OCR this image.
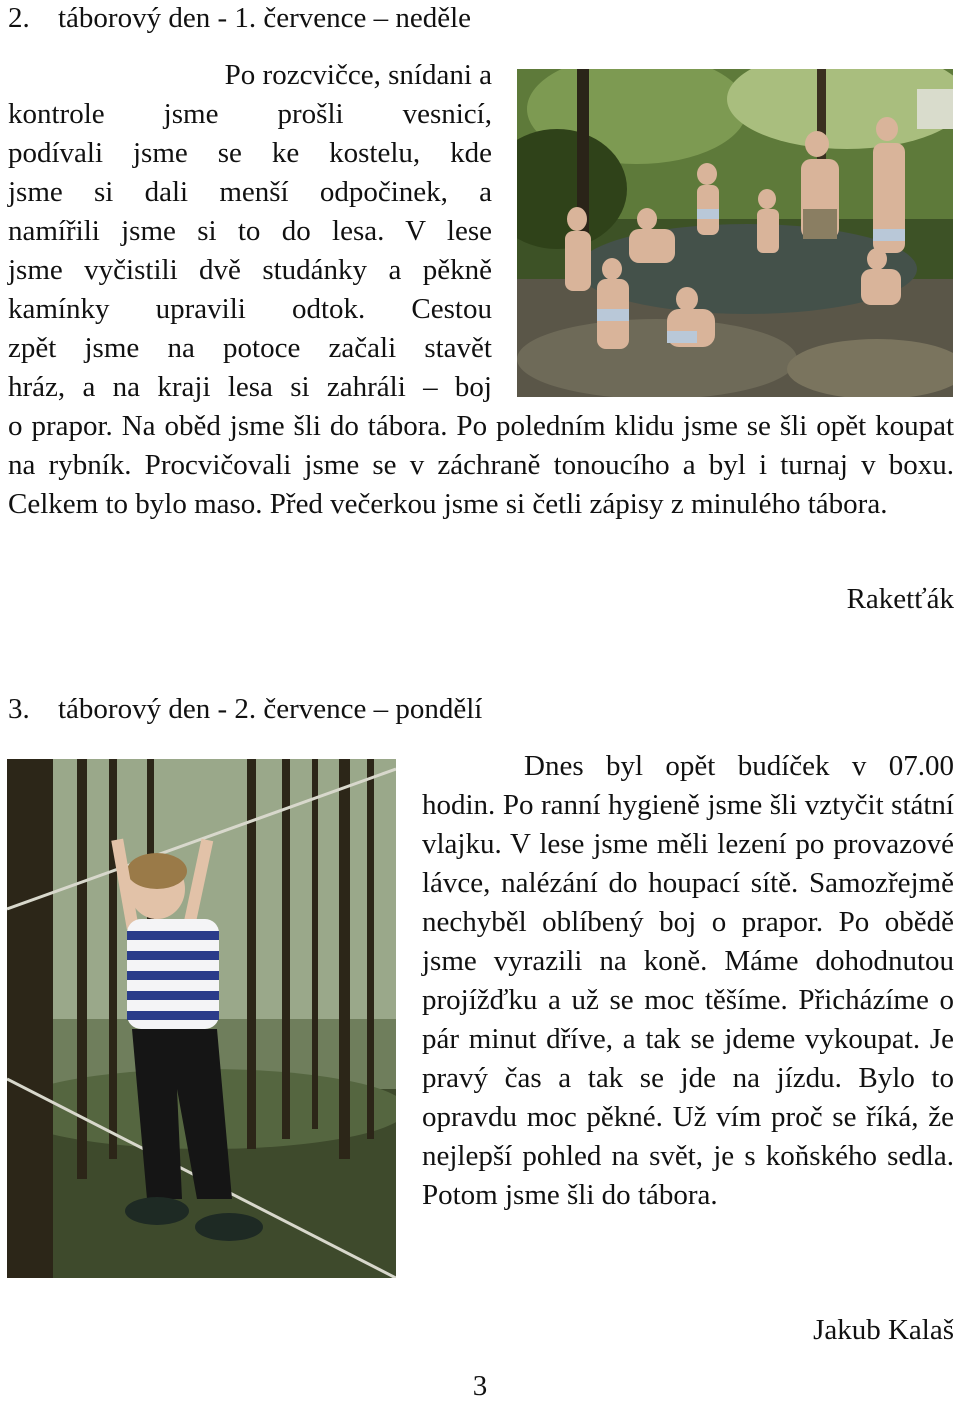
2. táborový den - 1. července – neděle

Po rozcvičce, snídani a

kontrole jsme prošli vesnicí,

podívali jsme se ke kostelu, kde

jsme si dali menší odpočinek, a

namířili jsme si to do lesa. V lese

jsme vyčistili dvě studánky a pěkně

kamínky upravili odtok. Cestou

zpět jsme na potoce začali stavět

hráz, a na kraji lesa si zahráli – boj

o prapor. Na oběd jsme šli do tábora. Po poledním klidu jsme se šli opět koupat na rybník. Procvičovali jsme se v záchraně tonoucího a byl i turnaj v boxu. Celkem to bylo maso. Před večerkou jsme si četli zápisy z minulého tábora.

Raketťák

3. táborový den - 2. července – pondělí

Dnes byl opět budíček v 07.00 hodin. Po ranní hygieně jsme šli vztyčit státní vlajku. V lese jsme měli lezení po provazové lávce, nalézání do houpací sítě. Samozřejmě nechyběl oblíbený boj o prapor. Po obědě jsme vyrazili na koně. Máme dohodnutou projížďku a už se moc těšíme. Přicházíme o pár minut dříve, a tak se jdeme vykoupat. Je pravý čas a tak se jde na jízdu. Bylo to opravdu moc pěkné. Už vím proč se říká, že nejlepší pohled na svět, je s koňského sedla. Potom jsme šli do tábora.

Jakub Kalaš

3
